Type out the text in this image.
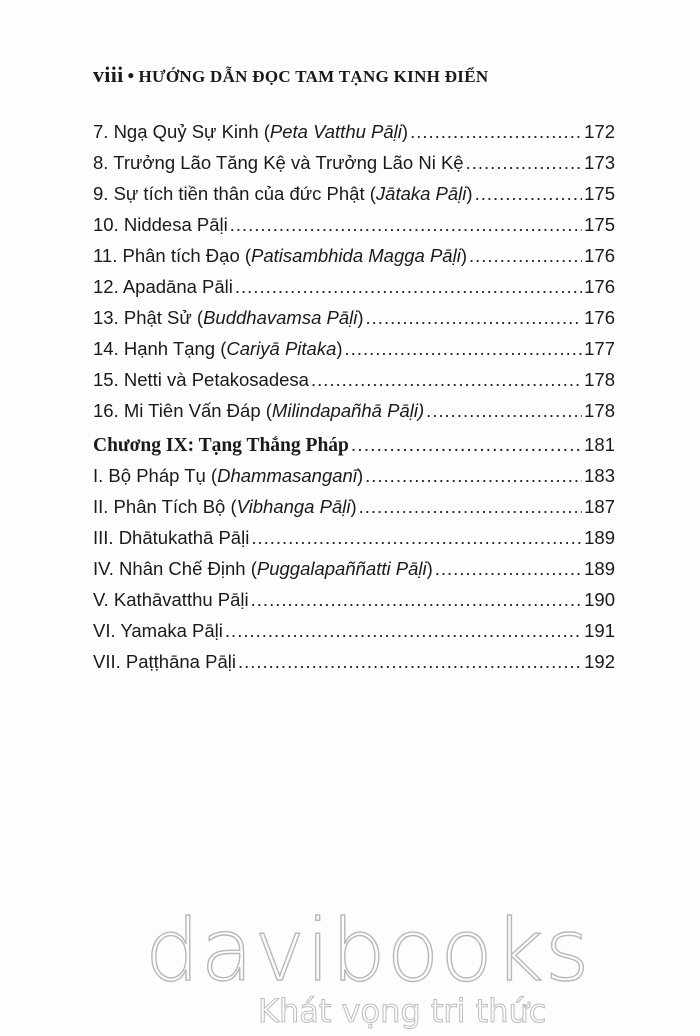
viii • HƯỚNG DẪN ĐỌC TAM TẠNG KINH ĐIỂN
7. Ngạ Quỷ Sự Kinh (Peta Vatthu Pāḷi) .....	172
8. Trưởng Lão Tăng Kệ và Trưởng Lão Ni Kệ .....	173
9. Sự tích tiền thân của đức Phật (Jātaka Pāḷi) .....	175
10. Niddesa Pāḷi .....	175
11. Phân tích Đạo (Patisambhida Magga Pāḷi) .....	176
12. Apadāna Pāli .....	176
13. Phật Sử (Buddhavamsa Pāḷi) .....	176
14. Hạnh Tạng (Cariyā Pitaka) .....	177
15. Netti và Petakosadesa .....	178
16. Mi Tiên Vấn Đáp (Milindapañhā Pāḷi) .....	178
Chương IX: Tạng Thắng Pháp .....	181
I. Bộ Pháp Tụ (Dhammasanganī) .....	183
II. Phân Tích Bộ (Vibhanga Pāḷi) .....	187
III. Dhātukathā Pāḷi .....	189
IV. Nhân Chế Định (Puggalapaññatti Pāḷi) .....	189
V. Kathāvatthu Pāḷi .....	190
VI. Yamaka Pāḷi .....	191
VII. Paṭṭhāna Pāḷi .....	192
davibooks
Khát vọng tri thức
